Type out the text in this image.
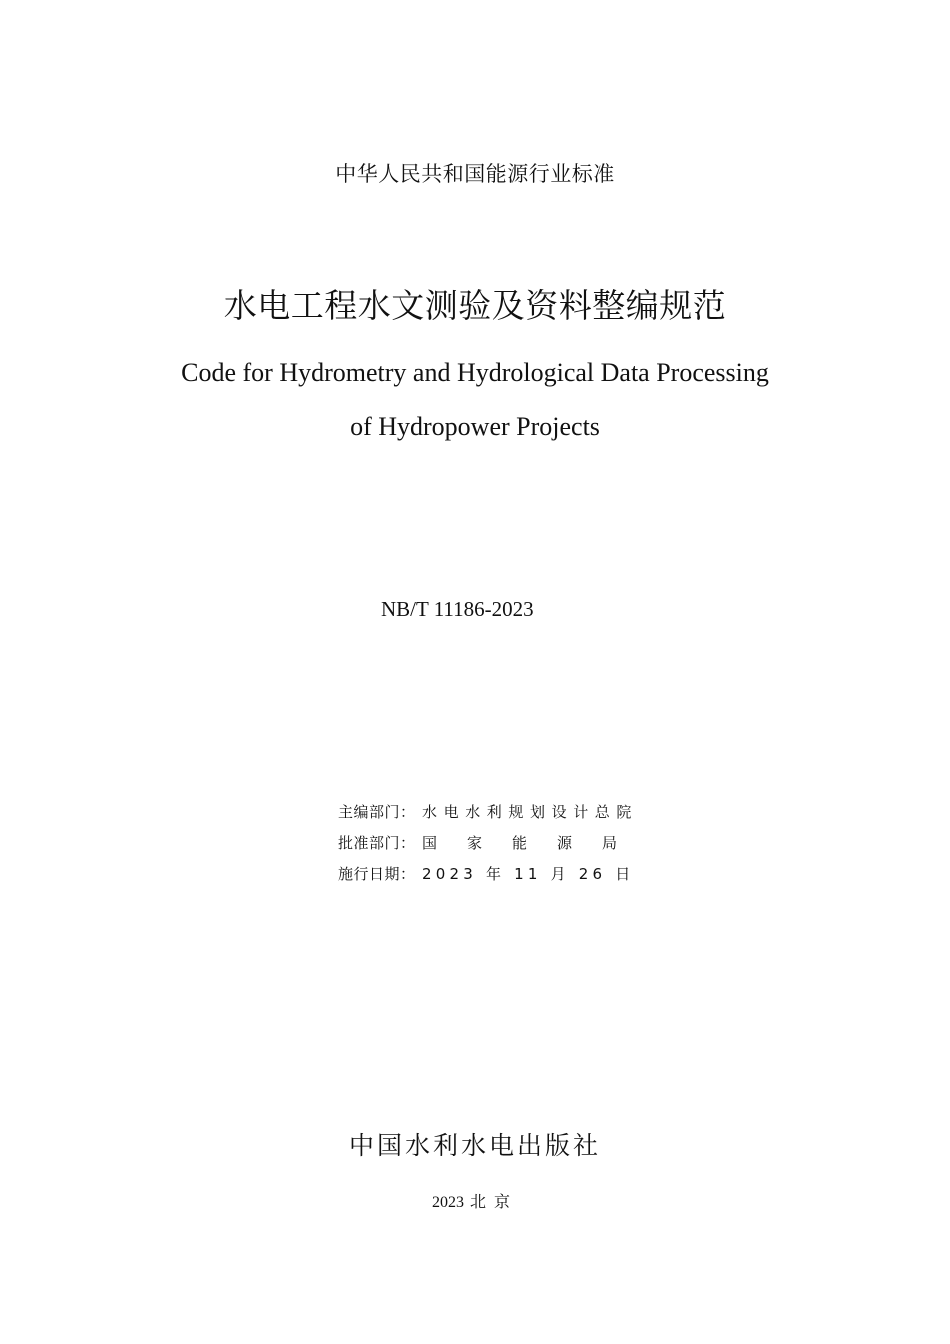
中华人民共和国能源行业标准
水电工程水文测验及资料整编规范
Code for Hydrometry and Hydrological Data Processing
of Hydropower Projects
NB/T 11186-2023
主编部门： 水电水利规划设计总院
批准部门： 国 家 能 源 局
施行日期： 2023 年 11 月 26 日
中国水利水电出版社
2023 北京
